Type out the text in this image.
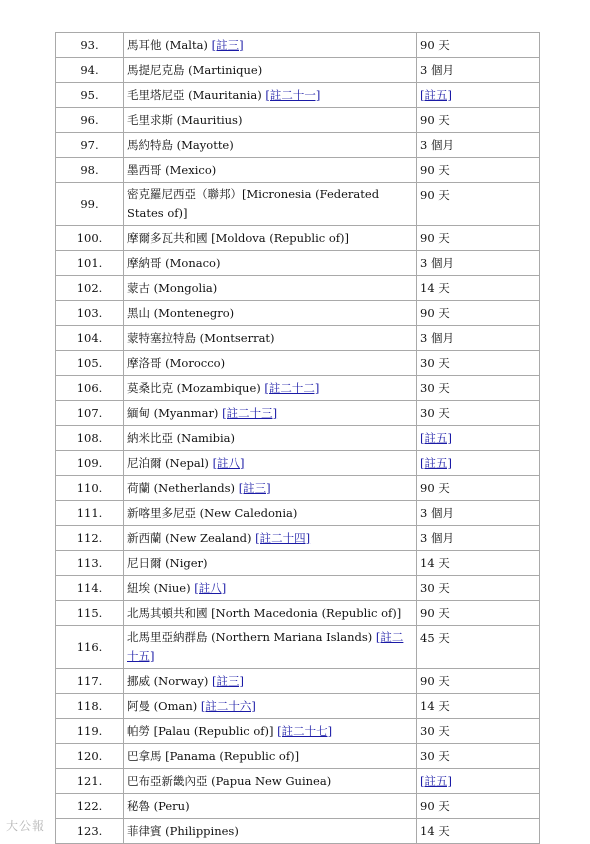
93.	馬耳他 (Malta) [註三]	90 天
94.	馬提尼克島 (Martinique)	3 個月
95.	毛里塔尼亞 (Mauritania) [註二十一]	[註五]
96.	毛里求斯 (Mauritius)	90 天
97.	馬約特島 (Mayotte)	3 個月
98.	墨西哥 (Mexico)	90 天
99.	密克羅尼西亞（聯邦）[Micronesia (Federated States of)]	90 天
100.	摩爾多瓦共和國 [Moldova (Republic of)]	90 天
101.	摩納哥 (Monaco)	3 個月
102.	蒙古 (Mongolia)	14 天
103.	黑山 (Montenegro)	90 天
104.	蒙特塞拉特島 (Montserrat)	3 個月
105.	摩洛哥 (Morocco)	30 天
106.	莫桑比克 (Mozambique) [註二十二]	30 天
107.	緬甸 (Myanmar) [註二十三]	30 天
108.	納米比亞 (Namibia)	[註五]
109.	尼泊爾 (Nepal) [註八]	[註五]
110.	荷蘭 (Netherlands) [註三]	90 天
111.	新喀里多尼亞 (New Caledonia)	3 個月
112.	新西蘭 (New Zealand) [註二十四]	3 個月
113.	尼日爾 (Niger)	14 天
114.	紐埃 (Niue) [註八]	30 天
115.	北馬其頓共和國 [North Macedonia (Republic of)]	90 天
116.	北馬里亞納群島 (Northern Mariana Islands) [註二十五]	45 天
117.	挪威 (Norway) [註三]	90 天
118.	阿曼 (Oman) [註二十六]	14 天
119.	帕勞 [Palau (Republic of)] [註二十七]	30 天
120.	巴拿馬 [Panama (Republic of)]	30 天
121.	巴布亞新畿內亞 (Papua New Guinea)	[註五]
122.	秘魯 (Peru)	90 天
123.	菲律賓 (Philippines)	14 天
大公報
